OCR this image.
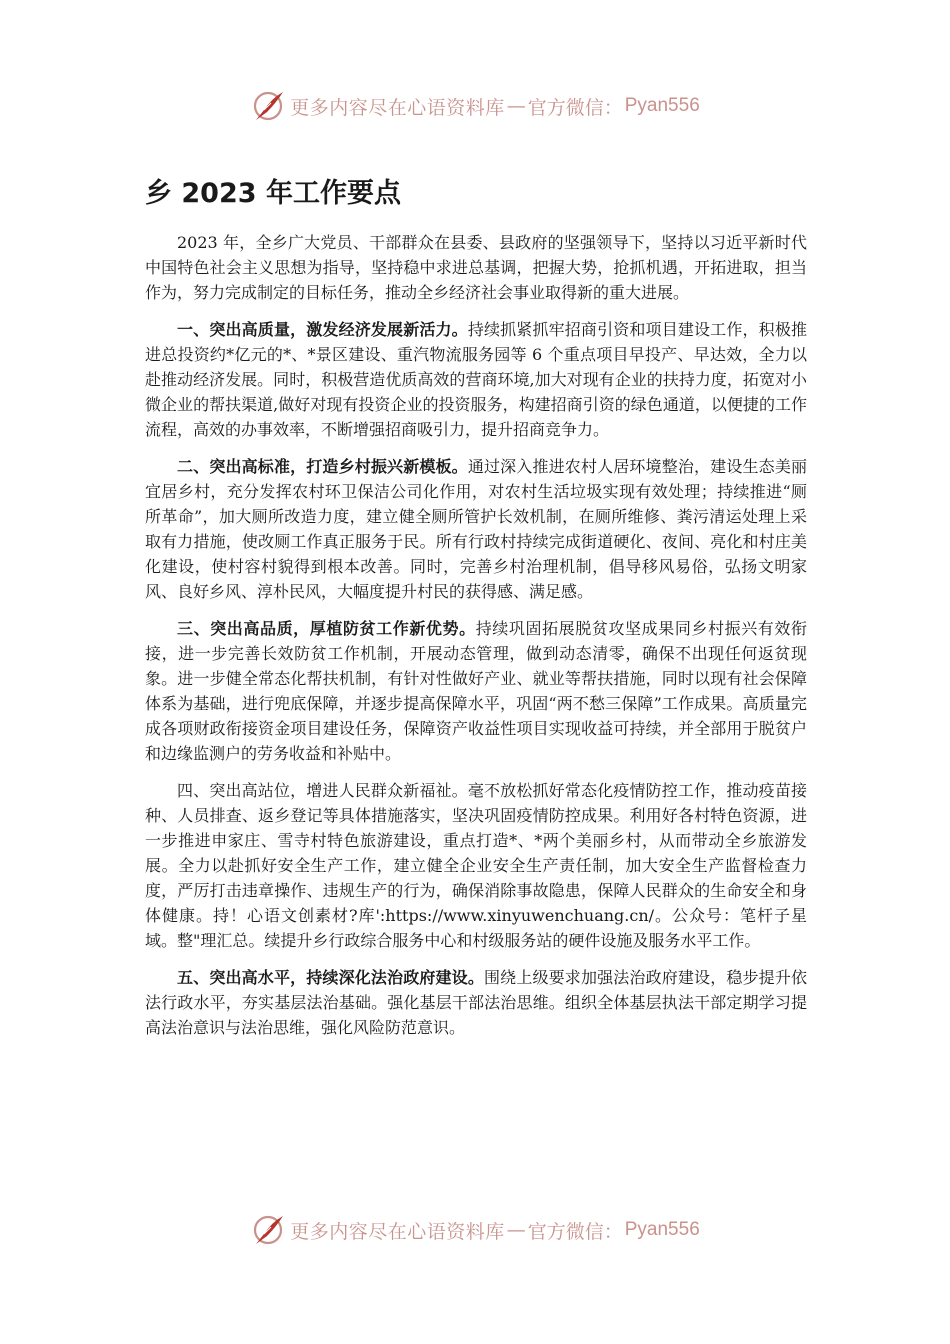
更多内容尽在心语资料库 — 官方微信： Pyan556
乡 2023 年工作要点

2023 年，全乡广大党员、干部群众在县委、县政府的坚强领导下，坚持以习近平新时代中国特色社会主义思想为指导，坚持稳中求进总基调，把握大势，抢抓机遇，开拓进取，担当作为，努力完成制定的目标任务，推动全乡经济社会事业取得新的重大进展。

一、突出高质量，激发经济发展新活力。持续抓紧抓牢招商引资和项目建设工作，积极推进总投资约*亿元的*、*景区建设、重汽物流服务园等 6 个重点项目早投产、早达效，全力以赴推动经济发展。同时，积极营造优质高效的营商环境,加大对现有企业的扶持力度，拓宽对小微企业的帮扶渠道,做好对现有投资企业的投资服务，构建招商引资的绿色通道，以便捷的工作流程，高效的办事效率，不断增强招商吸引力，提升招商竞争力。

二、突出高标准，打造乡村振兴新模板。通过深入推进农村人居环境整治，建设生态美丽宜居乡村，充分发挥农村环卫保洁公司化作用，对农村生活垃圾实现有效处理；持续推进“厕所革命”，加大厕所改造力度，建立健全厕所管护长效机制，在厕所维修、粪污清运处理上采取有力措施，使改厕工作真正服务于民。所有行政村持续完成街道硬化、夜间、亮化和村庄美化建设，使村容村貌得到根本改善。同时，完善乡村治理机制，倡导移风易俗，弘扬文明家风、良好乡风、淳朴民风，大幅度提升村民的获得感、满足感。

三、突出高品质，厚植防贫工作新优势。持续巩固拓展脱贫攻坚成果同乡村振兴有效衔接，进一步完善长效防贫工作机制，开展动态管理，做到动态清零，确保不出现任何返贫现象。进一步健全常态化帮扶机制，有针对性做好产业、就业等帮扶措施，同时以现有社会保障体系为基础，进行兜底保障，并逐步提高保障水平，巩固“两不愁三保障”工作成果。高质量完成各项财政衔接资金项目建设任务，保障资产收益性项目实现收益可持续，并全部用于脱贫户和边缘监测户的劳务收益和补贴中。

四、突出高站位，增进人民群众新福祉。毫不放松抓好常态化疫情防控工作，推动疫苗接种、人员排查、返乡登记等具体措施落实，坚决巩固疫情防控成果。利用好各村特色资源，进一步推进申家庄、雪寺村特色旅游建设，重点打造*、*两个美丽乡村，从而带动全乡旅游发展。全力以赴抓好安全生产工作，建立健全企业安全生产责任制，加大安全生产监督检查力度，严厉打击违章操作、违规生产的行为，确保消除事故隐患，保障人民群众的生命安全和身体健康。持！心语文创素材?库':https://www.xinyuwenchuang.cn/。公众号：笔杆子星域。整"理汇总。续提升乡行政综合服务中心和村级服务站的硬件设施及服务水平工作。

五、突出高水平，持续深化法治政府建设。围绕上级要求加强法治政府建设，稳步提升依法行政水平，夯实基层法治基础。强化基层干部法治思维。组织全体基层执法干部定期学习提高法治意识与法治思维，强化风险防范意识。

更多内容尽在心语资料库 — 官方微信： Pyan556
